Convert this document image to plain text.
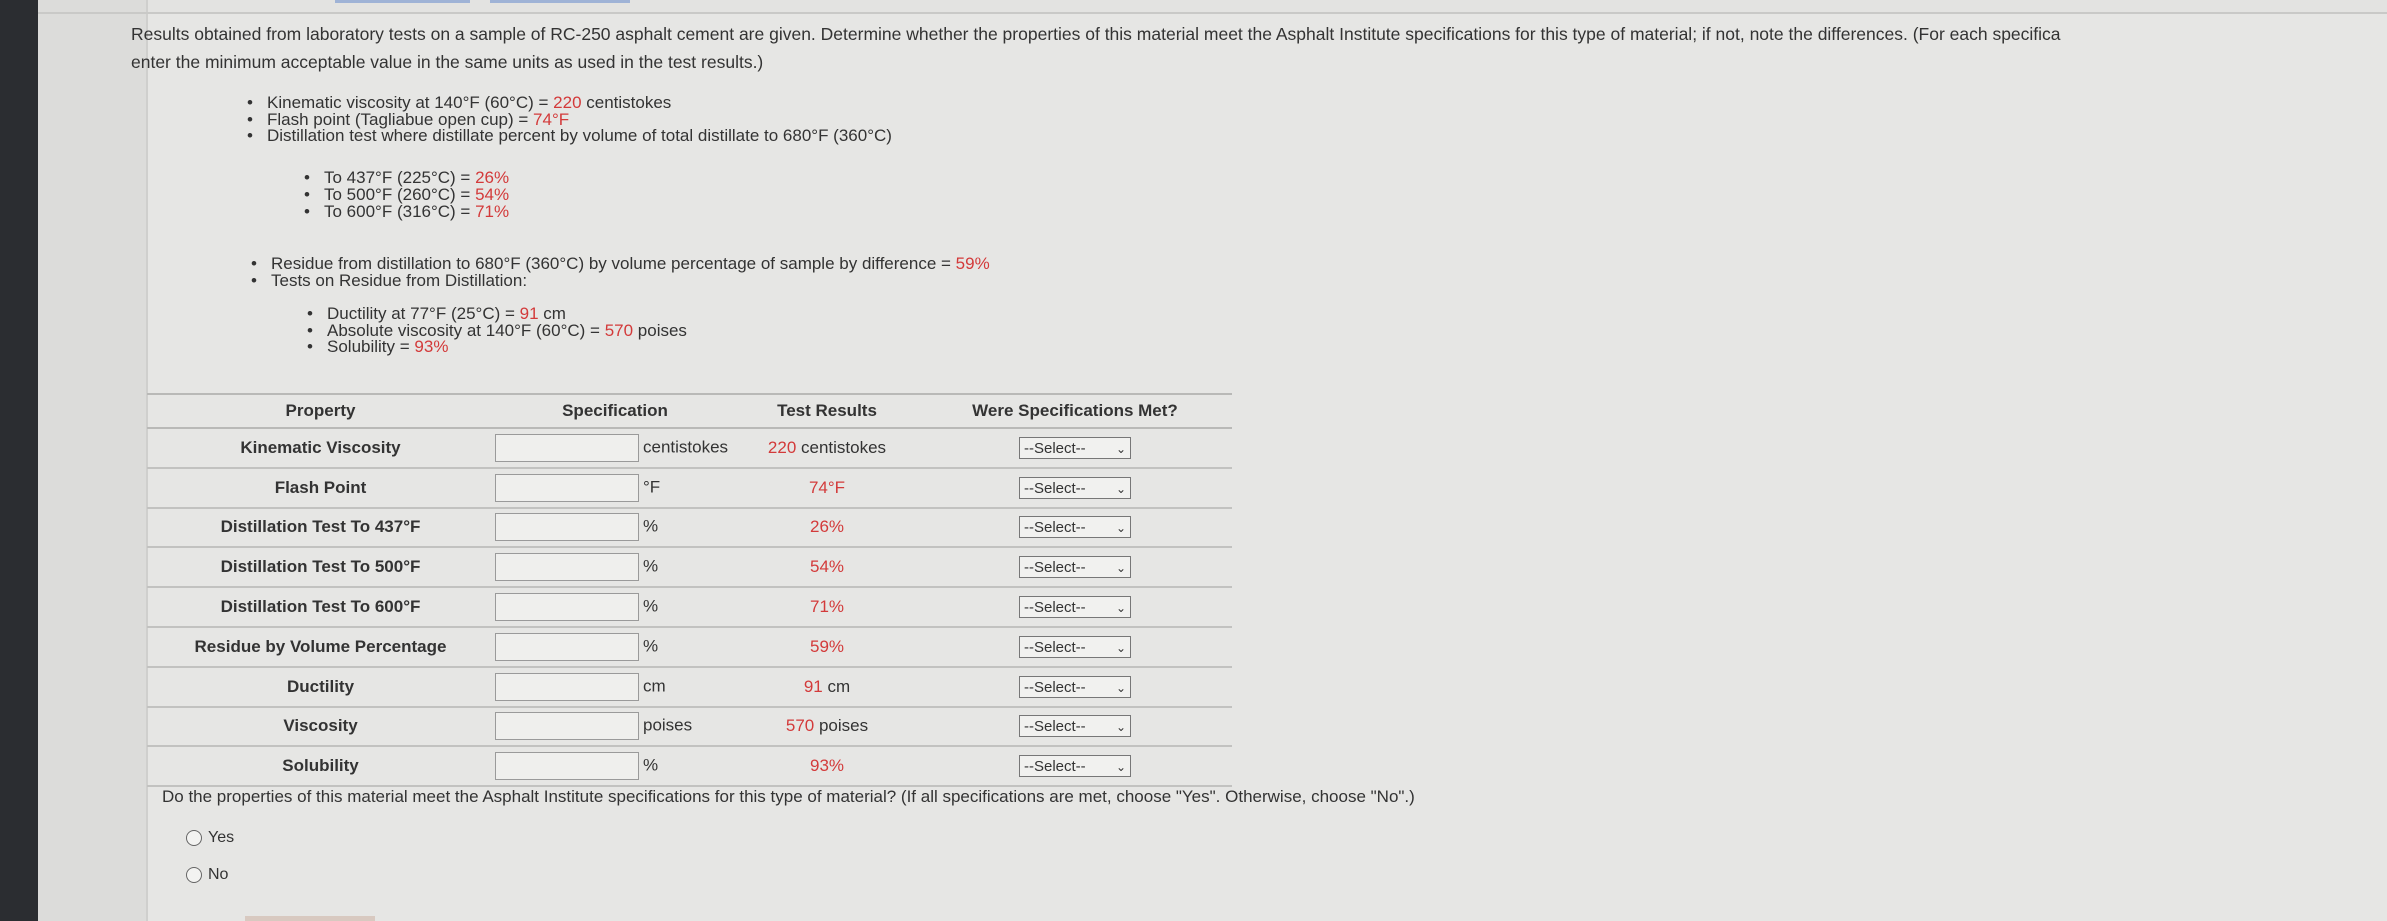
Results obtained from laboratory tests on a sample of RC-250 asphalt cement are given. Determine whether the properties of this material meet the Asphalt Institute specifications for this type of material; if not, note the differences. (For each specifica
enter the minimum acceptable value in the same units as used in the test results.)
• Kinematic viscosity at 140°F (60°C) = 220 centistokes
• Flash point (Tagliabue open cup) = 74°F
• Distillation test where distillate percent by volume of total distillate to 680°F (360°C)
• To 437°F (225°C) = 26%
• To 500°F (260°C) = 54%
• To 600°F (316°C) = 71%
• Residue from distillation to 680°F (360°C) by volume percentage of sample by difference = 59%
• Tests on Residue from Distillation:
• Ductility at 77°F (25°C) = 91 cm
• Absolute viscosity at 140°F (60°C) = 570 poises
• Solubility = 93%
Property	Specification	Test Results	Were Specifications Met?
Kinematic Viscosity	centistokes	220 centistokes	--Select-- ⌄

Flash Point	°F	74°F	--Select-- ⌄

Distillation Test To 437°F	%	26%	--Select-- ⌄

Distillation Test To 500°F	%	54%	--Select-- ⌄

Distillation Test To 600°F	%	71%	--Select-- ⌄

Residue by Volume Percentage	%	59%	--Select-- ⌄

Ductility	cm	91 cm	--Select-- ⌄

Viscosity	poises	570 poises	--Select-- ⌄

Solubility	%	93%	--Select-- ⌄
Do the properties of this material meet the Asphalt Institute specifications for this type of material? (If all specifications are met, choose "Yes". Otherwise, choose "No".)
Yes
No
